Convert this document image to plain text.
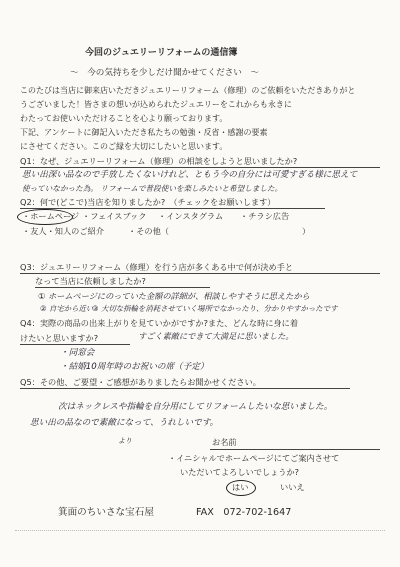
今回のジュエリーリフォームの通信簿
〜　今の気持ちを少しだけ聞かせてください　〜
このたびは当店に御来店いただきジュエリーリフォーム（修理）のご依頼をいただきありがと
うございました！皆さまの想いが込められたジュエリーをこれからも永きに
わたってお使いいただけることを心より願っております。
下記、アンケートに御記入いただき私たちの勉強・反省・感謝の要素
にさせてください。このご縁を大切にしたいと思います。
Q1：なぜ、ジュエリーリフォーム（修理）の相談をしようと思いましたか?
思い出深い品なので手放したくないけれど、ともう今の自分には可愛すぎる様に思えて
使っていなかった為。 リフォームで普段使いを楽しみたいと希望しました。
Q2：何で(どこで)当店を知りましたか?　（チェックをお願いします）
・ホームページ ・フェイスブック ・インスタグラム ・チラシ広告
・友人・知人のご紹介	・その他（	）
Q3：ジュエリーリフォーム（修理）を行う店が多くある中で何が決め手と
なって当店に依頼しましたか?
① ホームページにのっていた金額の詳細が、相談しやすそうに思えたから
② 自宅から近い
③ 大切な指輪を消耗させていく場所でなかったり、分かりやすかったです
Q4：実際の商品の出来上がりを見ていかがですか?また、どんな時に身に着
けたいと思いますか?	すごく素敵にできて大満足に思いました。
・同窓会
・結婚10周年時のお祝いの席（予定）
Q5：その他、ご要望・ご感想がありましたらお聞かせください。
次はネックレスや指輪を自分用にしてリフォームしたいな思いました。
思い出の品なので素敵になって、うれしいです。
より	お名前
・イニシャルでホームページにてご案内させて
いただいてよろしいでしょうか?
はい	いいえ
箕面のちいさな宝石屋	FAX　072-702-1647
